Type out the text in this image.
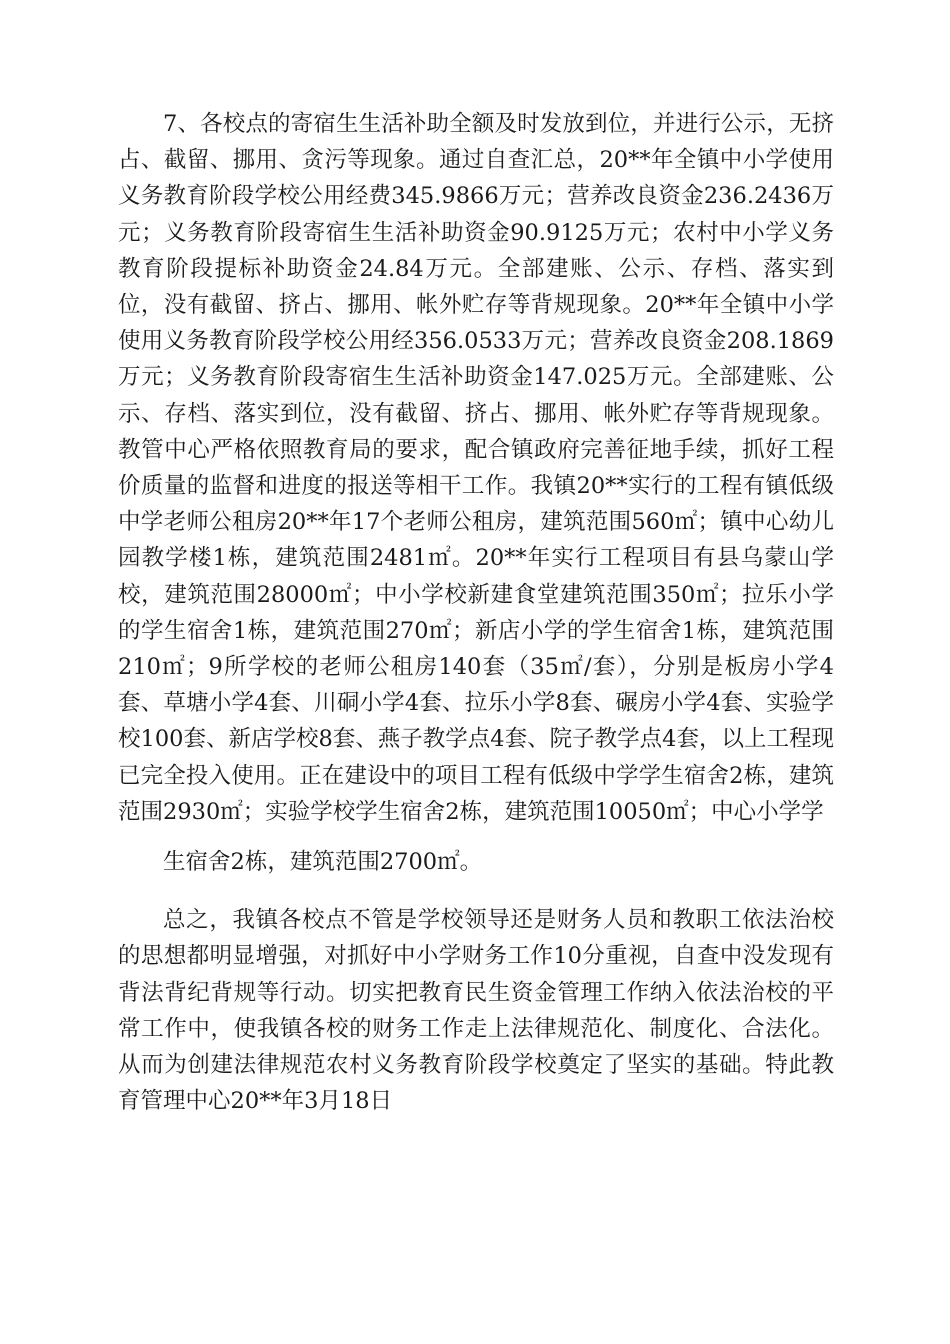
7、各校点的寄宿生生活补助全额及时发放到位，并进行公示，无挤占、截留、挪用、贪污等现象。通过自查汇总，20**年全镇中小学使用义务教育阶段学校公用经费345.9866万元；营养改良资金236.2436万元；义务教育阶段寄宿生生活补助资金90.9125万元；农村中小学义务教育阶段提标补助资金24.84万元。全部建账、公示、存档、落实到位，没有截留、挤占、挪用、帐外贮存等背规现象。20**年全镇中小学使用义务教育阶段学校公用经356.0533万元；营养改良资金208.1869万元；义务教育阶段寄宿生生活补助资金147.025万元。全部建账、公示、存档、落实到位，没有截留、挤占、挪用、帐外贮存等背规现象。教管中心严格依照教育局的要求，配合镇政府完善征地手续，抓好工程价质量的监督和进度的报送等相干工作。我镇20**实行的工程有镇低级中学老师公租房20**年17个老师公租房，建筑范围560㎡；镇中心幼儿园教学楼1栋，建筑范围2481㎡。20**年实行工程项目有县乌蒙山学校，建筑范围28000㎡；中小学校新建食堂建筑范围350㎡；拉乐小学的学生宿舍1栋，建筑范围270㎡；新店小学的学生宿舍1栋，建筑范围210㎡；9所学校的老师公租房140套（35㎡/套），分别是板房小学4套、草塘小学4套、川硐小学4套、拉乐小学8套、碾房小学4套、实验学校100套、新店学校8套、燕子教学点4套、院子教学点4套，以上工程现已完全投入使用。正在建设中的项目工程有低级中学学生宿舍2栋，建筑范围2930㎡；实验学校学生宿舍2栋，建筑范围10050㎡；中心小学学

生宿舍2栋，建筑范围2700㎡。

总之，我镇各校点不管是学校领导还是财务人员和教职工依法治校的思想都明显增强，对抓好中小学财务工作10分重视，自查中没发现有背法背纪背规等行动。切实把教育民生资金管理工作纳入依法治校的平常工作中，使我镇各校的财务工作走上法律规范化、制度化、合法化。从而为创建法律规范农村义务教育阶段学校奠定了坚实的基础。特此教育管理中心20**年3月18日
